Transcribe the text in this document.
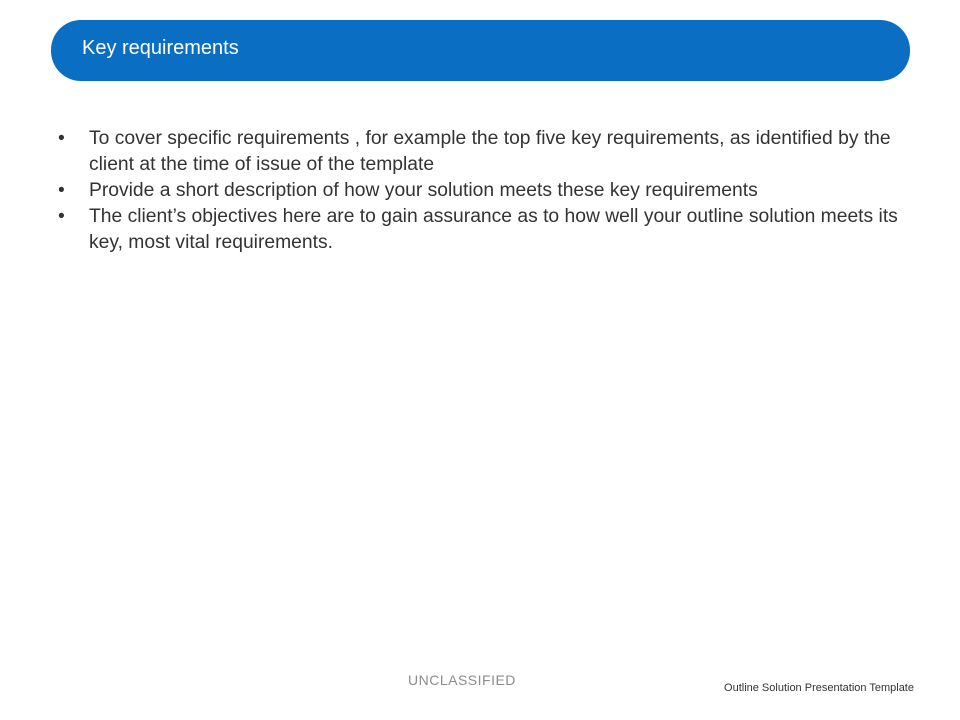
Key requirements
• To cover specific requirements , for example the top five key requirements, as identified by the client at the time of issue of the template
• Provide a short description of how your solution meets these key requirements
• The client’s objectives here are to gain assurance as to how well your outline solution meets its key, most vital requirements.
UNCLASSIFIED	Outline Solution Presentation Template
